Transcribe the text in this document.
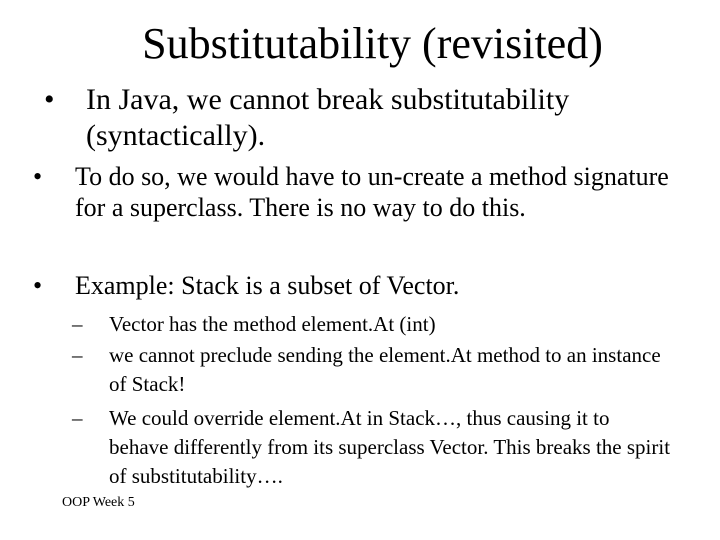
Substitutability (revisited)
•	In Java, we cannot break substitutability (syntactically).
•	To do so, we would have to un-create a method signature for a superclass. There is no way to do this.
•	Example: Stack is a subset of Vector.
–	Vector has the method element.At (int)
–	we cannot preclude sending the element.At method to an instance of Stack!
–	We could override element.At in Stack…, thus causing it to behave differently from its superclass Vector. This breaks the spirit of substitutability….
OOP Week 5
